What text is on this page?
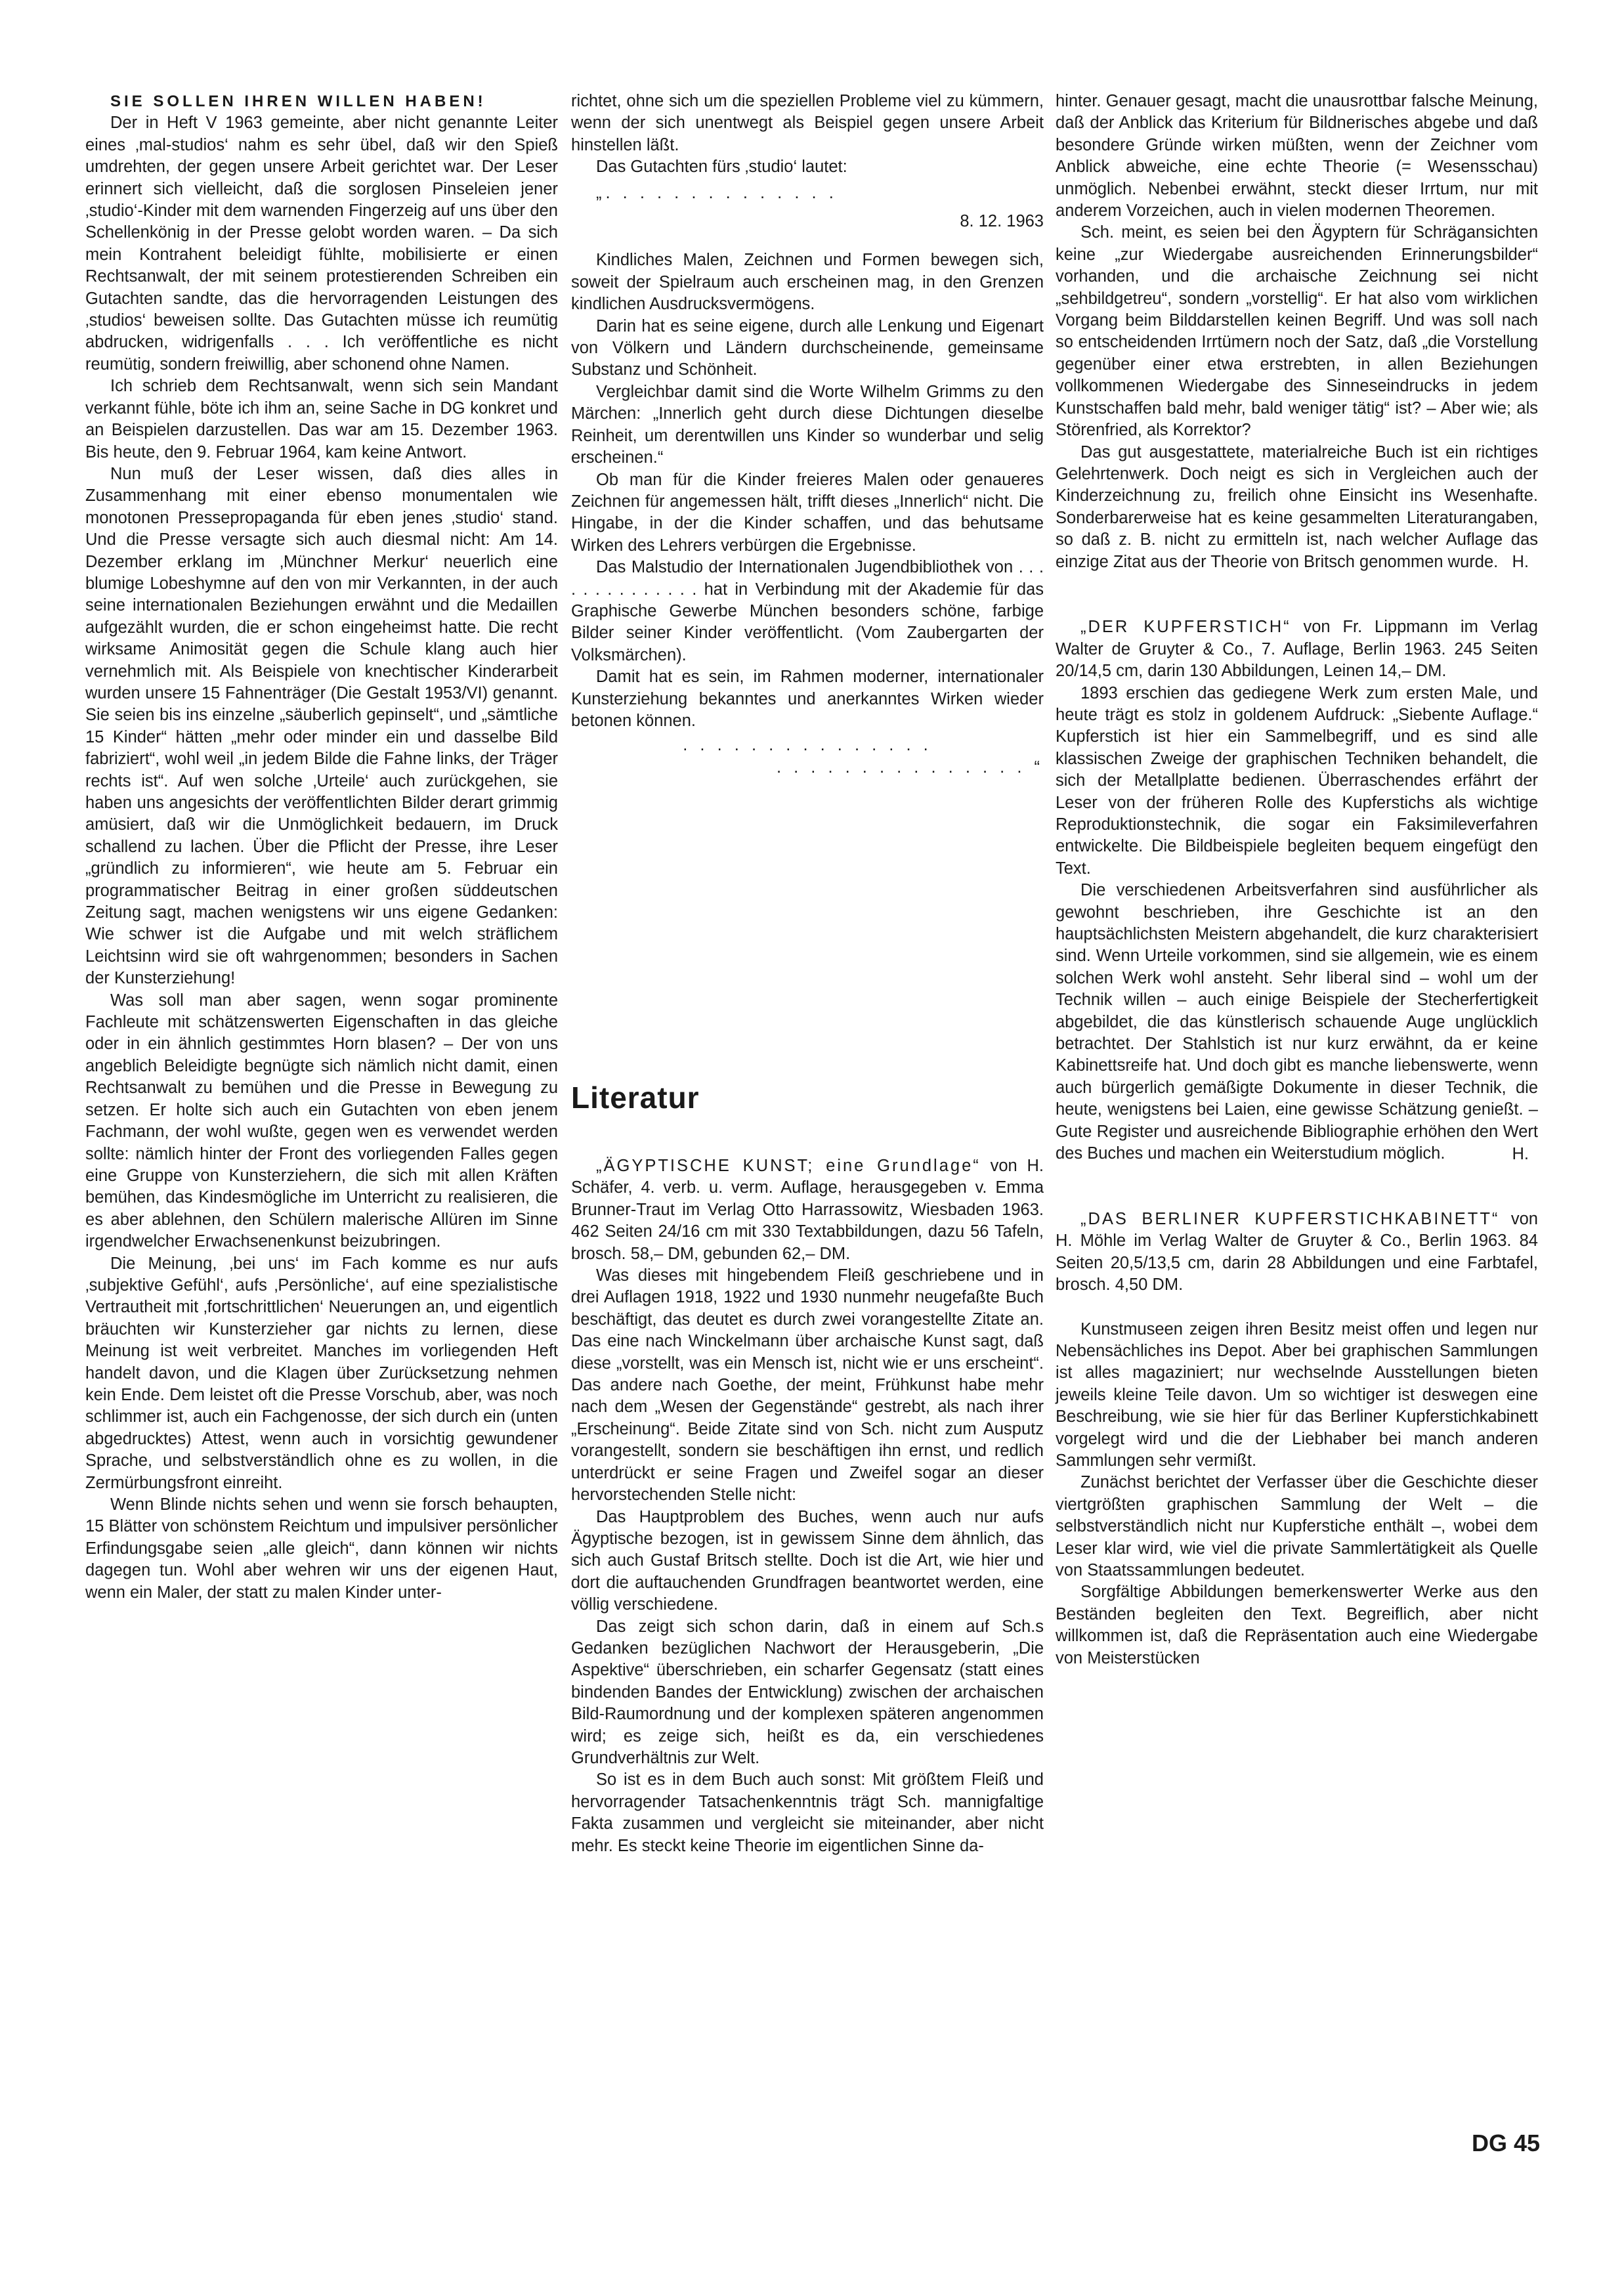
SIE SOLLEN IHREN WILLEN HABEN!

Der in Heft V 1963 gemeinte, aber nicht genannte Leiter eines ‚mal-studios‘ nahm es sehr übel, daß wir den Spieß umdrehten, der gegen unsere Arbeit gerichtet war. Der Leser erinnert sich vielleicht, daß die sorglosen Pinseleien jener ‚studio‘-Kinder mit dem warnenden Fingerzeig auf uns über den Schellenkönig in der Presse gelobt worden waren. – Da sich mein Kontrahent beleidigt fühlte, mobilisierte er einen Rechtsanwalt, der mit seinem protestierenden Schreiben ein Gutachten sandte, das die hervorragenden Leistungen des ‚studios‘ beweisen sollte. Das Gutachten müsse ich reumütig abdrucken, widrigenfalls . . . Ich veröffentliche es nicht reumütig, sondern freiwillig, aber schonend ohne Namen.

Ich schrieb dem Rechtsanwalt, wenn sich sein Mandant verkannt fühle, böte ich ihm an, seine Sache in DG konkret und an Beispielen darzustellen. Das war am 15. Dezember 1963. Bis heute, den 9. Februar 1964, kam keine Antwort.

Nun muß der Leser wissen, daß dies alles in Zusammenhang mit einer ebenso monumentalen wie monotonen Pressepropaganda für eben jenes ‚studio‘ stand. Und die Presse versagte sich auch diesmal nicht: Am 14. Dezember erklang im ‚Münchner Merkur‘ neuerlich eine blumige Lobeshymne auf den von mir Verkannten, in der auch seine internationalen Beziehungen erwähnt und die Medaillen aufgezählt wurden, die er schon eingeheimst hatte. Die recht wirksame Animosität gegen die Schule klang auch hier vernehmlich mit. Als Beispiele von knechtischer Kinderarbeit wurden unsere 15 Fahnenträger (Die Gestalt 1953/VI) genannt. Sie seien bis ins einzelne „säuberlich gepinselt“, und „sämtliche 15 Kinder“ hätten „mehr oder minder ein und dasselbe Bild fabriziert“, wohl weil „in jedem Bilde die Fahne links, der Träger rechts ist“. Auf wen solche ‚Urteile‘ auch zurückgehen, sie haben uns angesichts der veröffentlichten Bilder derart grimmig amüsiert, daß wir die Unmöglichkeit bedauern, im Druck schallend zu lachen. Über die Pflicht der Presse, ihre Leser „gründlich zu informieren“, wie heute am 5. Februar ein programmatischer Beitrag in einer großen süddeutschen Zeitung sagt, machen wenigstens wir uns eigene Gedanken: Wie schwer ist die Aufgabe und mit welch sträflichem Leichtsinn wird sie oft wahrgenommen; besonders in Sachen der Kunsterziehung!

Was soll man aber sagen, wenn sogar prominente Fachleute mit schätzenswerten Eigenschaften in das gleiche oder in ein ähnlich gestimmtes Horn blasen? – Der von uns angeblich Beleidigte begnügte sich nämlich nicht damit, einen Rechtsanwalt zu bemühen und die Presse in Bewegung zu setzen. Er holte sich auch ein Gutachten von eben jenem Fachmann, der wohl wußte, gegen wen es verwendet werden sollte: nämlich hinter der Front des vorliegenden Falles gegen eine Gruppe von Kunsterziehern, die sich mit allen Kräften bemühen, das Kindesmögliche im Unterricht zu realisieren, die es aber ablehnen, den Schülern malerische Allüren im Sinne irgendwelcher Erwachsenenkunst beizubringen.

Die Meinung, ‚bei uns‘ im Fach komme es nur aufs ‚subjektive Gefühl‘, aufs ‚Persönliche‘, auf eine spezialistische Vertrautheit mit ‚fortschrittlichen‘ Neuerungen an, und eigentlich bräuchten wir Kunsterzieher gar nichts zu lernen, diese Meinung ist weit verbreitet. Manches im vorliegenden Heft handelt davon, und die Klagen über Zurücksetzung nehmen kein Ende. Dem leistet oft die Presse Vorschub, aber, was noch schlimmer ist, auch ein Fachgenosse, der sich durch ein (unten abgedrucktes) Attest, wenn auch in vorsichtig gewundener Sprache, und selbstverständlich ohne es zu wollen, in die Zermürbungsfront einreiht.

Wenn Blinde nichts sehen und wenn sie forsch behaupten, 15 Blätter von schönstem Reichtum und impulsiver persönlicher Erfindungsgabe seien „alle gleich“, dann können wir nichts dagegen tun. Wohl aber wehren wir uns der eigenen Haut, wenn ein Maler, der statt zu malen Kinder unter-

richtet, ohne sich um die speziellen Probleme viel zu kümmern, wenn der sich unentwegt als Beispiel gegen unsere Arbeit hinstellen läßt.

Das Gutachten fürs ‚studio‘ lautet:

„. . . . . . . . . . . . . .

8. 12. 1963

Kindliches Malen, Zeichnen und Formen bewegen sich, soweit der Spielraum auch erscheinen mag, in den Grenzen kindlichen Ausdrucksvermögens.

Darin hat es seine eigene, durch alle Lenkung und Eigenart von Völkern und Ländern durchscheinende, gemeinsame Substanz und Schönheit.

Vergleichbar damit sind die Worte Wilhelm Grimms zu den Märchen: „Innerlich geht durch diese Dichtungen dieselbe Reinheit, um derentwillen uns Kinder so wunderbar und selig erscheinen.“

Ob man für die Kinder freieres Malen oder genaueres Zeichnen für angemessen hält, trifft dieses „Innerlich“ nicht. Die Hingabe, in der die Kinder schaffen, und das behutsame Wirken des Lehrers verbürgen die Ergebnisse.

Das Malstudio der Internationalen Jugendbibliothek von . . . . . . . . . . . . . . hat in Verbindung mit der Akademie für das Graphische Gewerbe München besonders schöne, farbige Bilder seiner Kinder veröffentlicht. (Vom Zaubergarten der Volksmärchen).

Damit hat es sein, im Rahmen moderner, internationaler Kunsterziehung bekanntes und anerkanntes Wirken wieder betonen können.

. . . . . . . . . . . . . . .

. . . . . . . . . . . . . . . “

Literatur

„ÄGYPTISCHE KUNST; eine Grundlage“ von H. Schäfer, 4. verb. u. verm. Auflage, herausgegeben v. Emma Brunner-Traut im Verlag Otto Harrassowitz, Wiesbaden 1963. 462 Seiten 24/16 cm mit 330 Textabbildungen, dazu 56 Tafeln, brosch. 58,– DM, gebunden 62,– DM.

Was dieses mit hingebendem Fleiß geschriebene und in drei Auflagen 1918, 1922 und 1930 nunmehr neugefaßte Buch beschäftigt, das deutet es durch zwei vorangestellte Zitate an. Das eine nach Winckelmann über archaische Kunst sagt, daß diese „vorstellt, was ein Mensch ist, nicht wie er uns erscheint“. Das andere nach Goethe, der meint, Frühkunst habe mehr nach dem „Wesen der Gegenstände“ gestrebt, als nach ihrer „Erscheinung“. Beide Zitate sind von Sch. nicht zum Ausputz vorangestellt, sondern sie beschäftigen ihn ernst, und redlich unterdrückt er seine Fragen und Zweifel sogar an dieser hervorstechenden Stelle nicht:

Das Hauptproblem des Buches, wenn auch nur aufs Ägyptische bezogen, ist in gewissem Sinne dem ähnlich, das sich auch Gustaf Britsch stellte. Doch ist die Art, wie hier und dort die auftauchenden Grundfragen beantwortet werden, eine völlig verschiedene.

Das zeigt sich schon darin, daß in einem auf Sch.s Gedanken bezüglichen Nachwort der Herausgeberin, „Die Aspektive“ überschrieben, ein scharfer Gegensatz (statt eines bindenden Bandes der Entwicklung) zwischen der archaischen Bild-Raumordnung und der komplexen späteren angenommen wird; es zeige sich, heißt es da, ein verschiedenes Grundverhältnis zur Welt.

So ist es in dem Buch auch sonst: Mit größtem Fleiß und hervorragender Tatsachenkenntnis trägt Sch. mannigfaltige Fakta zusammen und vergleicht sie miteinander, aber nicht mehr. Es steckt keine Theorie im eigentlichen Sinne da-

hinter. Genauer gesagt, macht die unausrottbar falsche Meinung, daß der Anblick das Kriterium für Bildnerisches abgebe und daß besondere Gründe wirken müßten, wenn der Zeichner vom Anblick abweiche, eine echte Theorie (= Wesensschau) unmöglich. Nebenbei erwähnt, steckt dieser Irrtum, nur mit anderem Vorzeichen, auch in vielen modernen Theoremen.

Sch. meint, es seien bei den Ägyptern für Schrägansichten keine „zur Wiedergabe ausreichenden Erinnerungsbilder“ vorhanden, und die archaische Zeichnung sei nicht „sehbildgetreu“, sondern „vorstellig“. Er hat also vom wirklichen Vorgang beim Bilddarstellen keinen Begriff. Und was soll nach so entscheidenden Irrtümern noch der Satz, daß „die Vorstellung gegenüber einer etwa erstrebten, in allen Beziehungen vollkommenen Wiedergabe des Sinneseindrucks in jedem Kunstschaffen bald mehr, bald weniger tätig“ ist? – Aber wie; als Störenfried, als Korrektor?

Das gut ausgestattete, materialreiche Buch ist ein richtiges Gelehrtenwerk. Doch neigt es sich in Vergleichen auch der Kinderzeichnung zu, freilich ohne Einsicht ins Wesenhafte. Sonderbarerweise hat es keine gesammelten Literaturangaben, so daß z. B. nicht zu ermitteln ist, nach welcher Auflage das einzige Zitat aus der Theorie von Britsch genommen wurde. H.

„DER KUPFERSTICH“ von Fr. Lippmann im Verlag Walter de Gruyter & Co., 7. Auflage, Berlin 1963. 245 Seiten 20/14,5 cm, darin 130 Abbildungen, Leinen 14,– DM.

1893 erschien das gediegene Werk zum ersten Male, und heute trägt es stolz in goldenem Aufdruck: „Siebente Auflage.“ Kupferstich ist hier ein Sammelbegriff, und es sind alle klassischen Zweige der graphischen Techniken behandelt, die sich der Metallplatte bedienen. Überraschendes erfährt der Leser von der früheren Rolle des Kupferstichs als wichtige Reproduktionstechnik, die sogar ein Faksimileverfahren entwickelte. Die Bildbeispiele begleiten bequem eingefügt den Text.

Die verschiedenen Arbeitsverfahren sind ausführlicher als gewohnt beschrieben, ihre Geschichte ist an den hauptsächlichsten Meistern abgehandelt, die kurz charakterisiert sind. Wenn Urteile vorkommen, sind sie allgemein, wie es einem solchen Werk wohl ansteht. Sehr liberal sind – wohl um der Technik willen – auch einige Beispiele der Stecherfertigkeit abgebildet, die das künstlerisch schauende Auge unglücklich betrachtet. Der Stahlstich ist nur kurz erwähnt, da er keine Kabinettsreife hat. Und doch gibt es manche liebenswerte, wenn auch bürgerlich gemäßigte Dokumente in dieser Technik, die heute, wenigstens bei Laien, eine gewisse Schätzung genießt. – Gute Register und ausreichende Bibliographie erhöhen den Wert des Buches und machen ein Weiterstudium möglich.	H.

„DAS BERLINER KUPFERSTICHKABINETT“ von H. Möhle im Verlag Walter de Gruyter & Co., Berlin 1963. 84 Seiten 20,5/13,5 cm, darin 28 Abbildungen und eine Farbtafel, brosch. 4,50 DM.

Kunstmuseen zeigen ihren Besitz meist offen und legen nur Nebensächliches ins Depot. Aber bei graphischen Sammlungen ist alles magaziniert; nur wechselnde Ausstellungen bieten jeweils kleine Teile davon. Um so wichtiger ist deswegen eine Beschreibung, wie sie hier für das Berliner Kupferstichkabinett vorgelegt wird und die der Liebhaber bei manch anderen Sammlungen sehr vermißt.

Zunächst berichtet der Verfasser über die Geschichte dieser viertgrößten graphischen Sammlung der Welt – die selbstverständlich nicht nur Kupferstiche enthält –, wobei dem Leser klar wird, wie viel die private Sammlertätigkeit als Quelle von Staatssammlungen bedeutet.

Sorgfältige Abbildungen bemerkenswerter Werke aus den Beständen begleiten den Text. Begreiflich, aber nicht willkommen ist, daß die Repräsentation auch eine Wiedergabe von Meisterstücken

DG 45
